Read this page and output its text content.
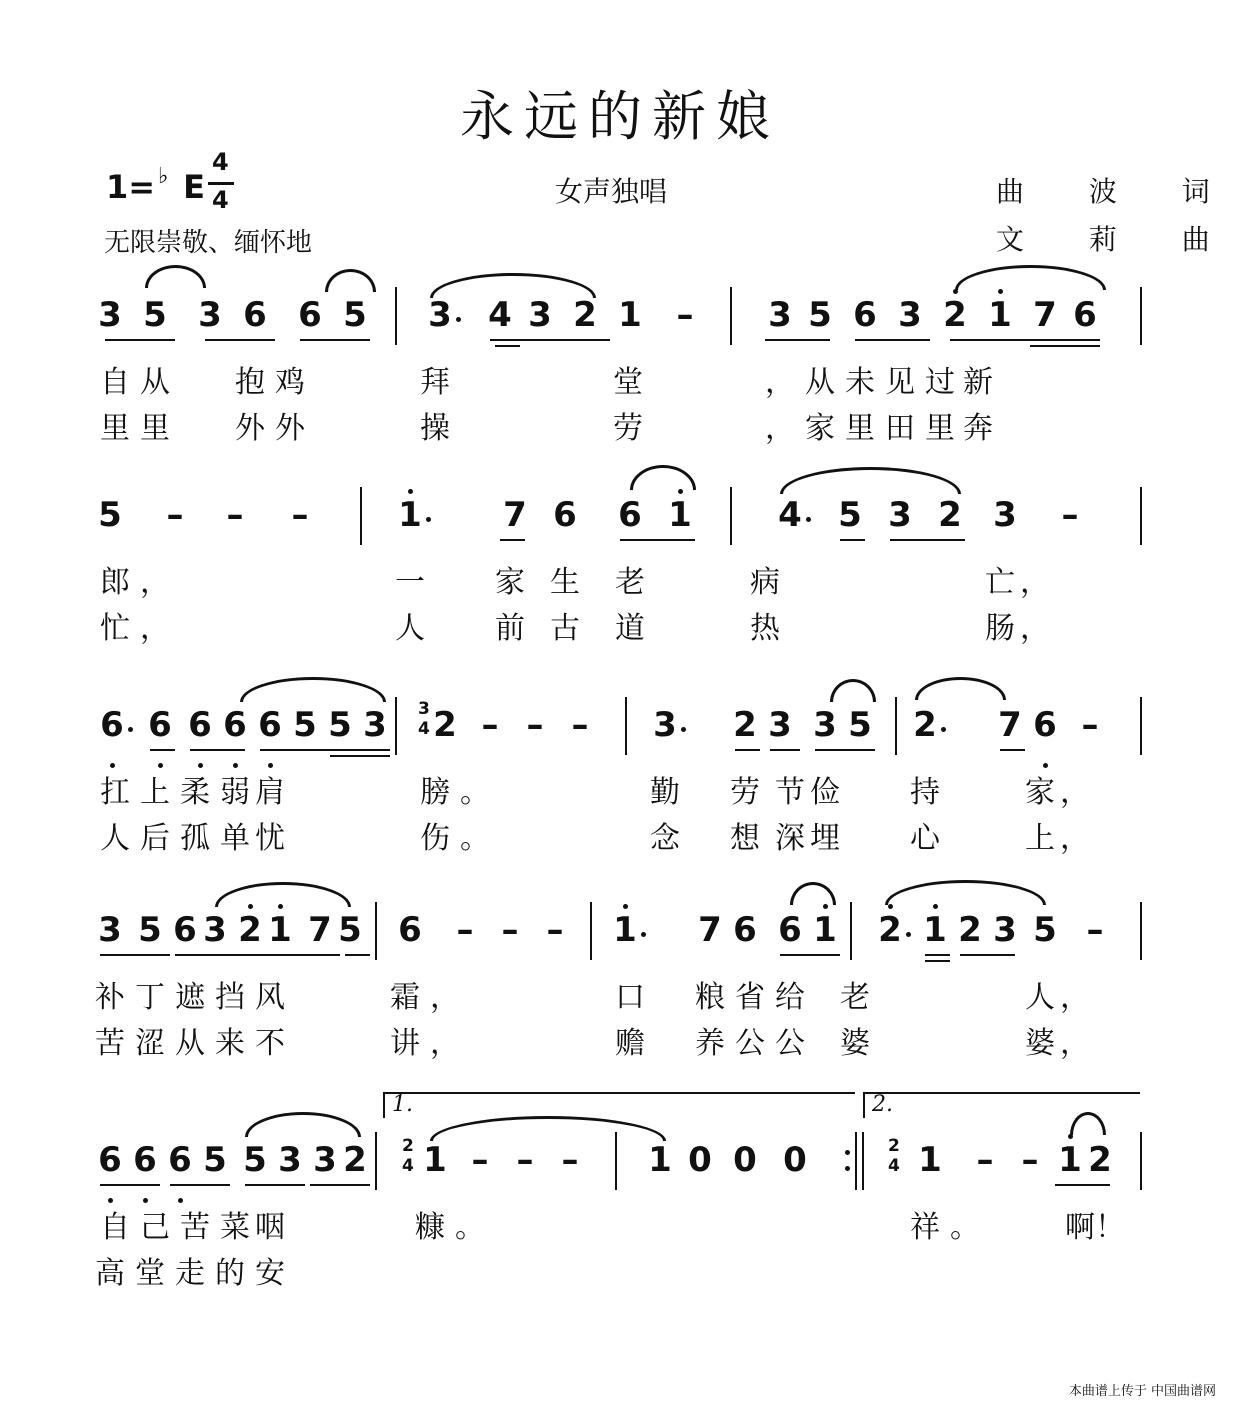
永远的新娘
1= E
♭
4
4	女声独唱
无限崇敬、缅怀地
曲 波 词
文 莉 曲
3 5 3 6 6 5 3 4 3 2 1 – 3 5 6 3 2 1 7 6
自 从 抱 鸡	拜	堂	， 从 未 见 过 新
里 里 外 外	操	劳	， 家 里 田 里 奔
5 – – –	1 7 6 6 1	4 5 3 2 3 –
郎 ，	一 家 生 老	病	亡 ，
忙 ，	人 前 古 道	热	肠 ，
6 6 6 6 6 5 5 3 2 – – – 3 2 3 3 5 2 7 6 –
扛 上 柔 弱 肩	膀 。	勤 劳 节 俭 持	家 ，
人 后 孤 单 忧	伤 。	念 想 深 埋 心	上 ，
3 5 6 3 2 1 7 5 6 – – – 1 7 6 6 1 2 1 2 3 5 –
补 丁 遮 挡 风	霜 ，	口 粮 省 给 老	人 ，
苦 涩 从 来 不	讲 ，	赡 养 公 公 婆	婆 ，
6 6 6 5 5 3 3 2 1 – – – 1 0 0 0	1 – – 1 2
自 己 苦 菜 咽	糠 。	祥 。	啊 ！
高 堂 走 的 安
1.	2.
2
4
2
4
3
4
本曲谱上传于 中国曲谱网
